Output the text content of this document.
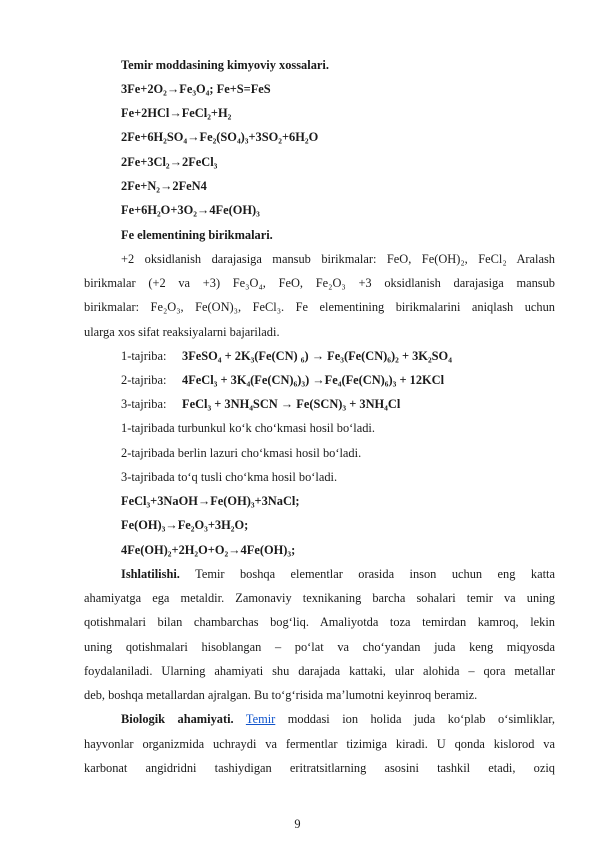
Temir moddasining kimyoviy xossalari.
3Fe+2O₂→Fe₃O₄; Fe+S=FeS
Fe+2HCl→FeCl₂+H₂
2Fe+6H₂SO₄→Fe₂(SO₄)₃+3SO₂+6H₂O
2Fe+3Cl₂→2FeCl₃
2Fe+N₂→2FeN4
Fe+6H₂O+3O₂→4Fe(OH)₃
Fe elementining birikmalari.
+2 oksidlanish darajasiga mansub birikmalar: FeO, Fe(OH)₂, FeCl₂ Aralash
birikmalar (+2 va +3) Fe₃O₄, FeO, Fe₂O₃ +3 oksidlanish darajasiga mansub
birikmalar: Fe₂O₃, Fe(ON)₃, FeCl₃. Fe elementining birikmalarini aniqlash uchun
ularga xos sifat reaksiyalarni bajariladi.
1-tajriba: 3FeSO₄ + 2K₃(Fe(CN) ₆) → Fe₃(Fe(CN)₆)₂ + 3K₂SO₄
2-tajriba: 4FeCl₃ + 3K₄(Fe(CN)₆)₃) →Fe₄(Fe(CN)₆)₃ + 12KCl
3-tajriba: FeCl₃ + 3NH₄SCN → Fe(SCN)₃ + 3NH₄Cl
1-tajribada turbunkul ko‘k cho‘kmasi hosil bo‘ladi.
2-tajribada berlin lazuri cho‘kmasi hosil bo‘ladi.
3-tajribada to‘q tusli cho‘kma hosil bo‘ladi.
FeCl₃+3NaOH→Fe(OH)₃+3NaCl;
Fe(OH)₃→Fe₂O₃+3H₂O;
4Fe(OH)₂+2H₂O+O₂→4Fe(OH)₃;
Ishlatilishi. Temir boshqa elementlar orasida inson uchun eng katta
ahamiyatga ega metaldir. Zamonaviy texnikaning barcha sohalari temir va uning
qotishmalari bilan chambarchas bog‘liq. Amaliyotda toza temirdan kamroq, lekin
uning qotishmalari hisoblangan – po‘lat va cho‘yandan juda keng miqyosda
foydalaniladi. Ularning ahamiyati shu darajada kattaki, ular alohida – qora metallar
deb, boshqa metallardan ajralgan. Bu to‘g‘risida ma’lumotni keyinroq beramiz.
Biologik ahamiyati. Temir moddasi ion holida juda ko‘plab o‘simliklar,
hayvonlar organizmida uchraydi va fermentlar tizimiga kiradi. U qonda kislorod va
karbonat angidridni tashiydigan eritratsitlarning asosini tashkil etadi, oziq
9
